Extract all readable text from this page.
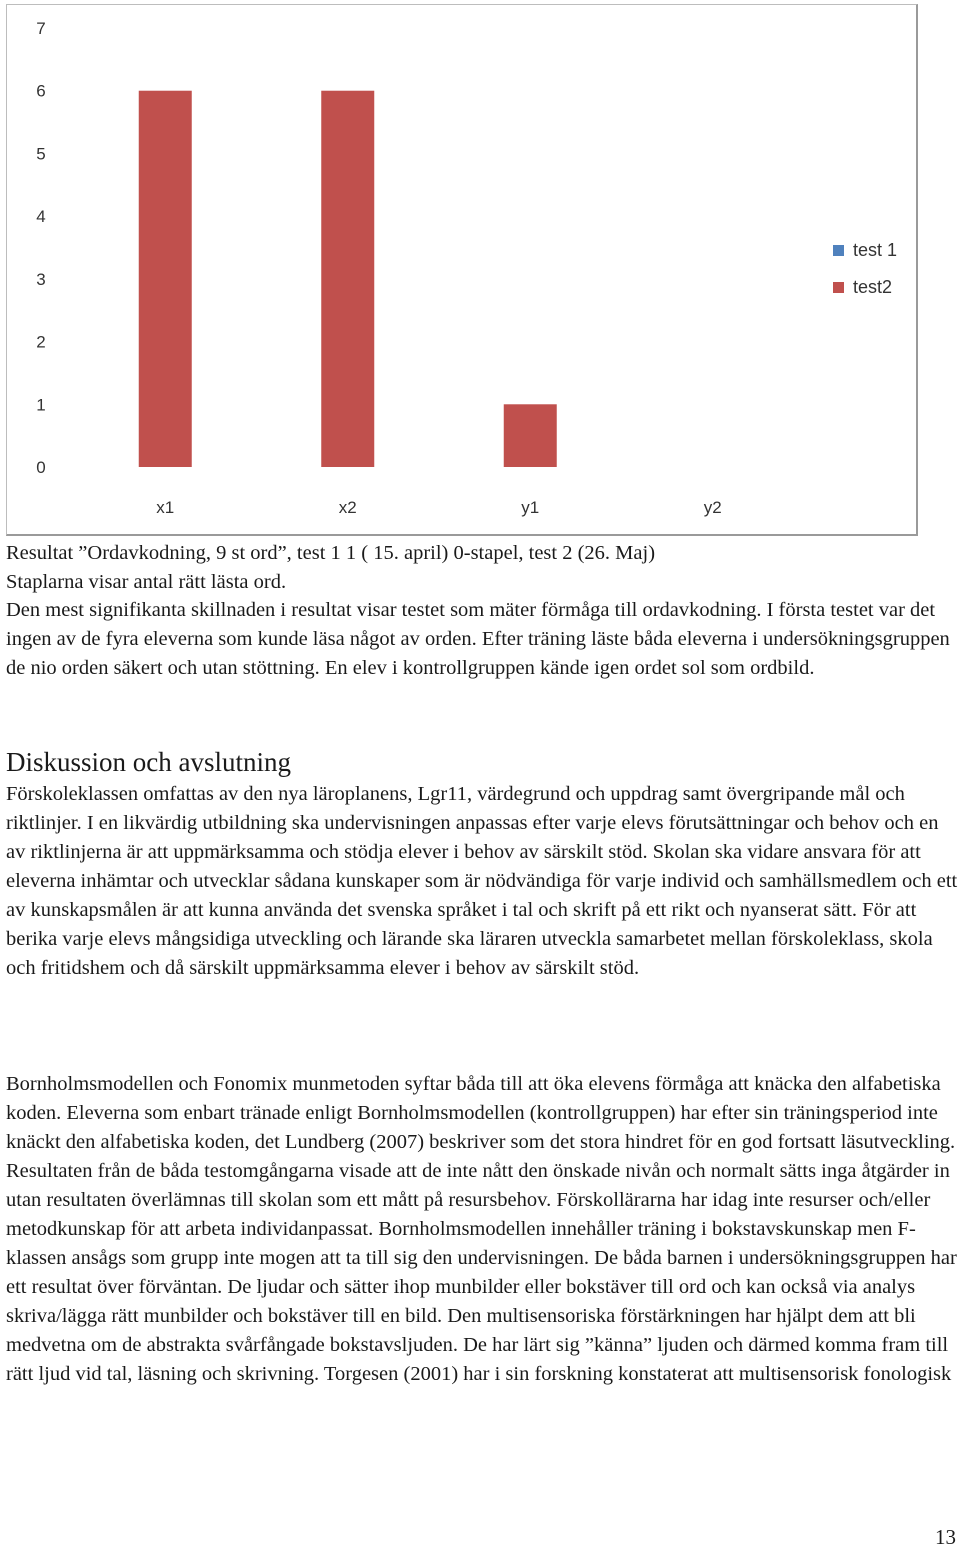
0
1
2
3
4
5
6
7
x1	x2	y1	y2
test 1
test2

Resultat ”Ordavkodning, 9 st ord”, test 1 1 ( 15. april) 0-stapel, test 2 (26. Maj)

Staplarna visar antal rätt lästa ord.

Den mest signifikanta skillnaden i resultat visar testet som mäter förmåga till ordavkodning. I första testet var det ingen av de fyra eleverna som kunde läsa något av orden. Efter träning läste båda eleverna i undersökningsgruppen de nio orden säkert och utan stöttning. En elev i kontrollgruppen kände igen ordet sol som ordbild.

Diskussion och avslutning

Förskoleklassen omfattas av den nya läroplanens, Lgr11, värdegrund och uppdrag samt övergripande mål och riktlinjer. I en likvärdig utbildning ska undervisningen anpassas efter varje elevs förutsättningar och behov och en av riktlinjerna är att uppmärksamma och stödja elever i behov av särskilt stöd. Skolan ska vidare ansvara för att eleverna inhämtar och utvecklar sådana kunskaper som är nödvändiga för varje individ och samhällsmedlem och ett av kunskapsmålen är att kunna använda det svenska språket i tal och skrift på ett rikt och nyanserat sätt. För att berika varje elevs mångsidiga utveckling och lärande ska läraren utveckla samarbetet mellan förskoleklass, skola och fritidshem och då särskilt uppmärksamma elever i behov av särskilt stöd.

Bornholmsmodellen och Fonomix munmetoden syftar båda till att öka elevens förmåga att knäcka den alfabetiska koden. Eleverna som enbart tränade enligt Bornholmsmodellen (kontrollgruppen) har efter sin träningsperiod inte knäckt den alfabetiska koden, det Lundberg (2007) beskriver som det stora hindret för en god fortsatt läsutveckling. Resultaten från de båda testomgångarna visade att de inte nått den önskade nivån och normalt sätts inga åtgärder in utan resultaten överlämnas till skolan som ett mått på resursbehov. Förskollärarna har idag inte resurser och/eller metodkunskap för att arbeta individanpassat. Bornholmsmodellen innehåller träning i bokstavskunskap men F-klassen ansågs som grupp inte mogen att ta till sig den undervisningen. De båda barnen i undersökningsgruppen har ett resultat över förväntan. De ljudar och sätter ihop munbilder eller bokstäver till ord och kan också via analys skriva/lägga rätt munbilder och bokstäver till en bild. Den multisensoriska förstärkningen har hjälpt dem att bli medvetna om de abstrakta svårfångade bokstavsljuden. De har lärt sig ”känna” ljuden och därmed komma fram till rätt ljud vid tal, läsning och skrivning. Torgesen (2001) har i sin forskning konstaterat att multisensorisk fonologisk

13
